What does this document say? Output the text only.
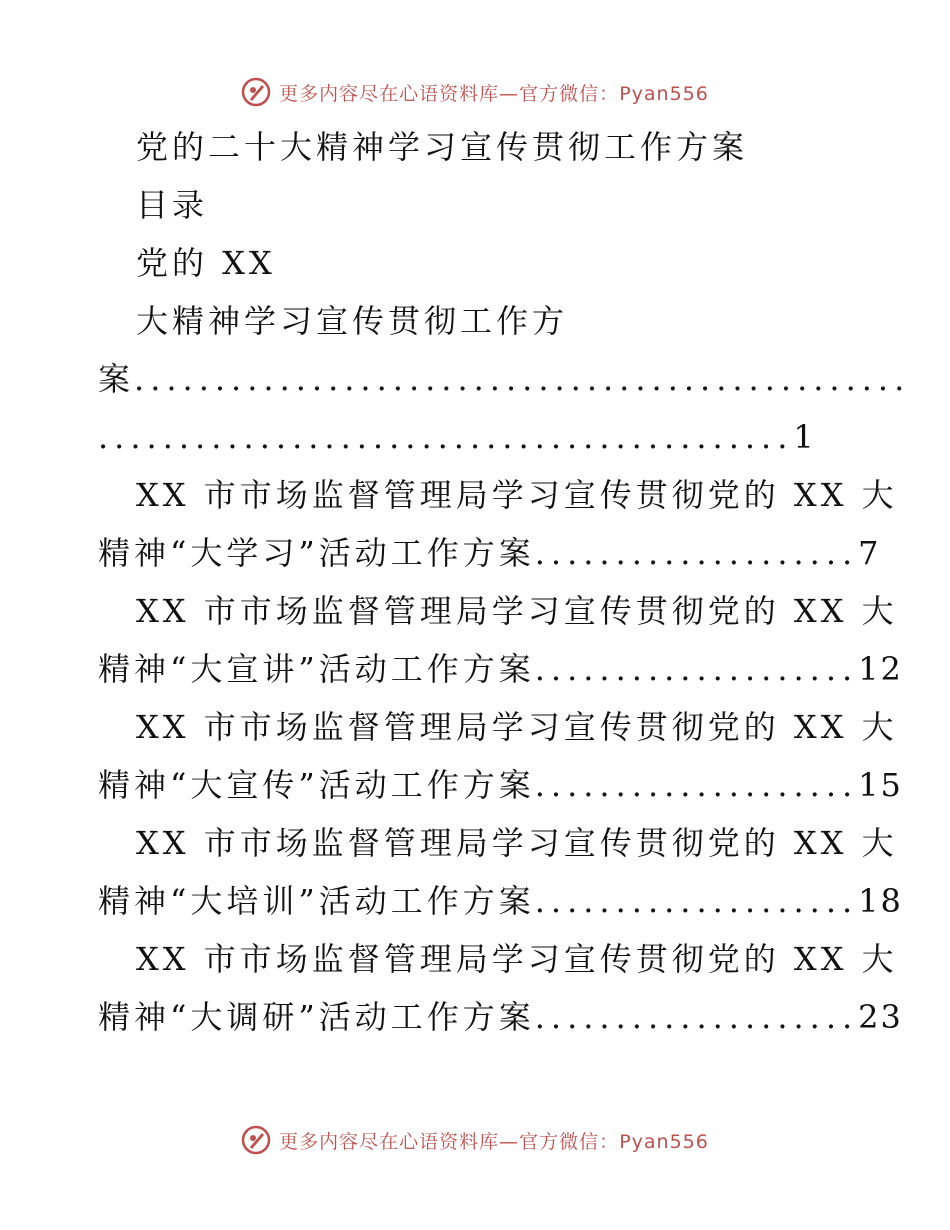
更多内容尽在心语资料库—官方微信：Pyan556
党的二十大精神学习宣传贯彻工作方案
目录
党的 XX
大精神学习宣传贯彻工作方
案 ................................................
........................................... 1
XX 市市场监督管理局学习宣传贯彻党的 XX 大
精神“大学习”活动工作方案 .................... 7
XX 市市场监督管理局学习宣传贯彻党的 XX 大
精神“大宣讲”活动工作方案 .................... 12
XX 市市场监督管理局学习宣传贯彻党的 XX 大
精神“大宣传”活动工作方案 .................... 15
XX 市市场监督管理局学习宣传贯彻党的 XX 大
精神“大培训”活动工作方案 .................... 18
XX 市市场监督管理局学习宣传贯彻党的 XX 大
精神“大调研”活动工作方案 .................... 23
更多内容尽在心语资料库—官方微信：Pyan556
